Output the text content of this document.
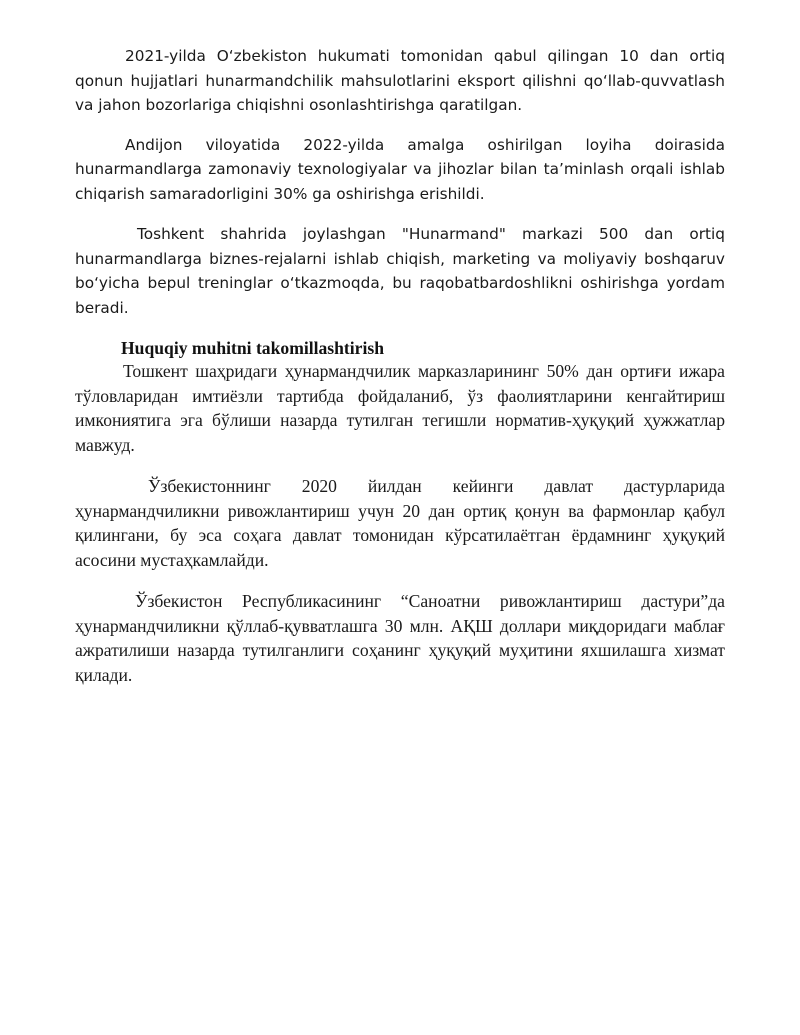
2021-yilda O‘zbekiston hukumati tomonidan qabul qilingan 10 dan ortiq qonun hujjatlari hunarmandchilik mahsulotlarini eksport qilishni qo‘llab-quvvatlash va jahon bozorlariga chiqishni osonlashtirishga qaratilgan.

Andijon viloyatida 2022-yilda amalga oshirilgan loyiha doirasida hunarmandlarga zamonaviy texnologiyalar va jihozlar bilan ta’minlash orqali ishlab chiqarish samaradorligini 30% ga oshirishga erishildi.

Toshkent shahrida joylashgan "Hunarmand" markazi 500 dan ortiq hunarmandlarga biznes-rejalarni ishlab chiqish, marketing va moliyaviy boshqaruv bo‘yicha bepul treninglar o‘tkazmoqda, bu raqobatbardoshlikni oshirishga yordam beradi.

Huquqiy muhitni takomillashtirish

Тошкент шаҳридаги ҳунармандчилик марказларининг 50% дан ортиғи ижара тўловларидан имтиёзли тартибда фойдаланиб, ўз фаолиятларини кенгайтириш имкониятига эга бўлиши назарда тутилган тегишли норматив-ҳуқуқий ҳужжатлар мавжуд.

Ўзбекистоннинг 2020 йилдан кейинги давлат дастурларида ҳунармандчиликни ривожлантириш учун 20 дан ортиқ қонун ва фармонлар қабул қилингани, бу эса соҳага давлат томонидан кўрсатилаётган ёрдамнинг ҳуқуқий асосини мустаҳкамлайди.

Ўзбекистон Республикасининг “Саноатни ривожлантириш дастури”да ҳунармандчиликни қўллаб-қувватлашга 30 млн. АҚШ доллари миқдоридаги маблағ ажратилиши назарда тутилганлиги соҳанинг ҳуқуқий муҳитини яхшилашга хизмат қилади.
